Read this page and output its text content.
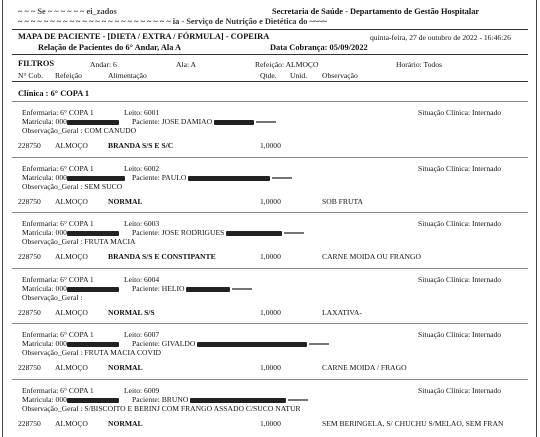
~ ~ ~ Se ~ ~ ~ ~ ~ ~ ei_zados	Secretaria de Saúde - Departamento de Gestão Hospitalar
~ ~ ~ ~ ~ ~ ~ ~ ~ ~ ~ ~ ~ ~ ~ ~ ~ ~ ~ ~ ~ ~ ~ ~ ia - Serviço de Nutrição e Dietética do ~~~~
MAPA DE PACIENTE - [DIETA / EXTRA / FÓRMULA] - COPEIRA	quinta-feira, 27 de outubro de 2022 - 16:46:26
Relação de Pacientes do 6° Andar, Ala A	Data Cobrança: 05/09/2022
FILTROS	Andar: 6	Ala: A	Refeição: ALMOÇO	Horário: Todos
N° Cob. Refeição	Alimentação	Qtde. Unid. Observação
Clínica : 6° COPA 1
Enfermaria: 6° COPA 1	Leito: 6001	Situação Clínica: Internado
Matricula: 000	Paciente: JOSE DAMIAO
Observação_Geral : COM CANUDO
228750 ALMOÇO	BRANDA S/S E S/C	1,0000
Enfermaria: 6° COPA 1	Leito: 6002	Situação Clínica: Internado
Matricula: 000	Paciente: PAULO
Observação_Geral : SEM SUCO
228750 ALMOÇO	NORMAL	1,0000	SOB FRUTA
Enfermaria: 6° COPA 1	Leito: 6003	Situação Clínica: Internado
Matricula: 000	Paciente: JOSE RODRIGUES
Observação_Geral : FRUTA MACIA
228750 ALMOÇO	BRANDA S/S E CONSTIPANTE	1,0000	CARNE MOIDA OU FRANGO
Enfermaria: 6° COPA 1	Leito: 6004	Situação Clínica: Internado
Matricula: 000	Paciente: HELIO
Observação_Geral :
228750 ALMOÇO	NORMAL S/S	1,0000	LAXATIVA-
Enfermaria: 6° COPA 1	Leito: 6007	Situação Clínica: Internado
Matricula: 000	Paciente: GIVALDO
Observação_Geral : FRUTA MACIA COVID
228750 ALMOÇO	NORMAL	1,0000	CARNE MOIDA / FRAGO
Enfermaria: 6° COPA 1	Leito: 6009	Situação Clínica: Internado
Matricula: 000	Paciente: BRUNO
Observação_Geral : S/BISCOITO E BERINJ COM FRANGO ASSADO C/SUCO NATUR
228750 ALMOÇO	NORMAL	1,0000	SEM BERINGELA, S/ CHUCHU S/MELAO, SEM FRAN
